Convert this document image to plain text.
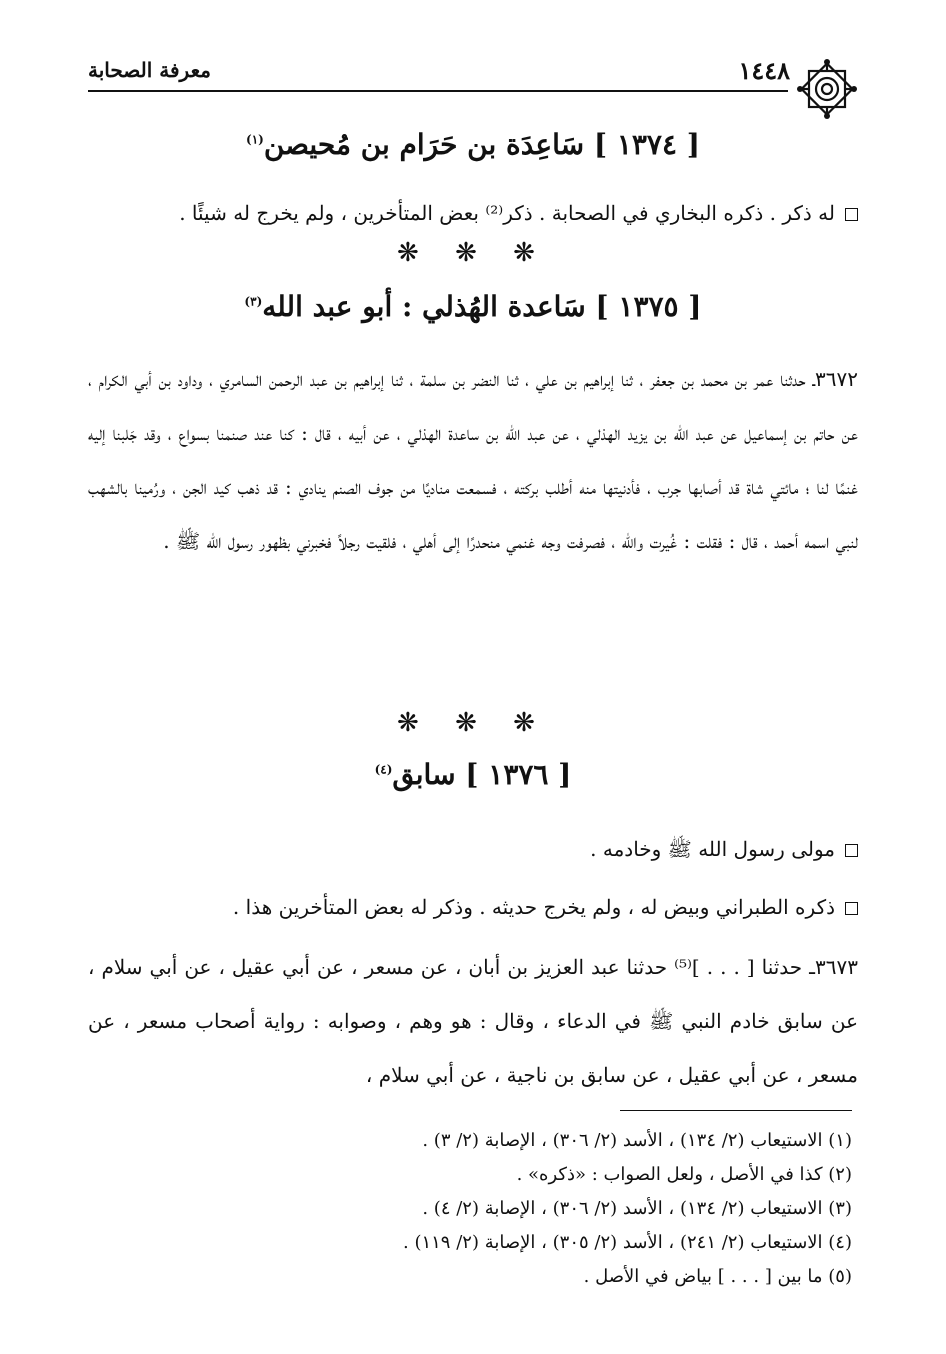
١٤٤٨
معرفة الصحابة
[ ١٣٧٤ ] سَاعِدَة بن حَرَام بن مُحيصن$^{(١)}$
له ذكر . ذكره البخاري في الصحابة . ذكر⁽²⁾ بعض المتأخرين ، ولم يخرج له شيئًا .
❋ ❋ ❋
[ ١٣٧٥ ] سَاعدة الهُذلي : أبو عبد الله$^{(٣)}$
٣٦٧٢ـ حدثنا عمر بن محمد بن جعفر ، ثنا إبراهيم بن علي ، ثنا النضر بن سلمة ، ثنا إبراهيم بن عبد الرحمن السامري ، وداود بن أبي الكرام ، عن حاتم بن إسماعيل عن عبد الله بن يزيد الهذلي ، عن عبد الله بن ساعدة الهذلي ، عن أبيه ، قال : كنا عند صنمنا بسواع ، وقد جَلبنا إليه غنمًا لنا ؛ مائتي شاة قد أصابها جرب ، فأدنيتها منه أطلب بركته ، فسمعت مناديًا من جوف الصنم ينادي : قد ذهب كيد الجن ، ورُمينا بالشهب لنبي اسمه أحمد ، قال : فقلت : غُيرت والله ، فصرفت وجه غنمي منحدرًا إلى أهلي ، فلقيت رجلاً فخبرني بظهور رسول الله ﷺ .
❋ ❋ ❋
[ ١٣٧٦ ] سابق$^{(٤)}$
مولى رسول الله ﷺ وخادمه .
ذكره الطبراني وبيض له ، ولم يخرج حديثه . وذكر له بعض المتأخرين هذا .
٣٦٧٣ـ حدثنا [ . . . ]⁽⁵⁾ حدثنا عبد العزيز بن أبان ، عن مسعر ، عن أبي عقيل ، عن أبي سلام ، عن سابق خادم النبي ﷺ في الدعاء ، وقال : هو وهم ، وصوابه : رواية أصحاب مسعر ، عن مسعر ، عن أبي عقيل ، عن سابق بن ناجية ، عن أبي سلام ،
(١) الاستيعاب (٢/ ١٣٤) ، الأسد (٢/ ٣٠٦) ، الإصابة (٢/ ٣) .
(٢) كذا في الأصل ، ولعل الصواب : «ذكره» .
(٣) الاستيعاب (٢/ ١٣٤) ، الأسد (٢/ ٣٠٦) ، الإصابة (٢/ ٤) .
(٤) الاستيعاب (٢/ ٢٤١) ، الأسد (٢/ ٣٠٥) ، الإصابة (٢/ ١١٩) .
(٥) ما بين [ . . . ] بياض في الأصل .
